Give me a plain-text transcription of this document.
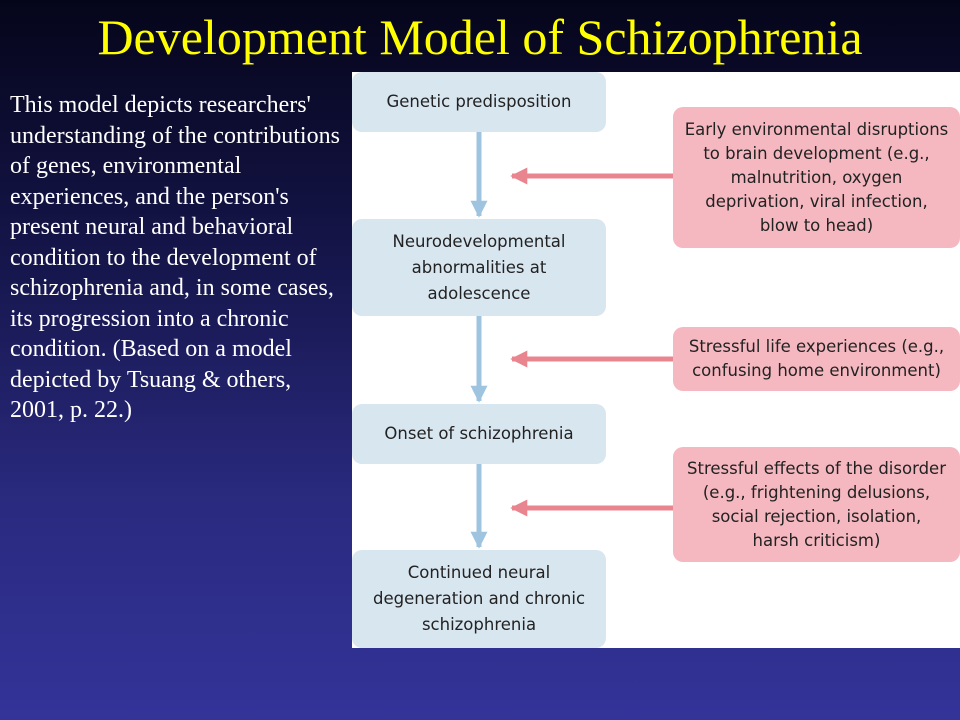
Development Model of Schizophrenia
This model depicts researchers' understanding of the contributions of genes, environmental experiences, and the person's present neural and behavioral condition to the development of schizophrenia and, in some cases, its progression into a chronic condition. (Based on a model depicted by Tsuang & others, 2001, p. 22.)
Genetic predisposition
Neurodevelopmental
abnormalities at
adolescence
Onset of schizophrenia
Continued neural
degeneration and chronic
schizophrenia
Early environmental disruptions
to brain development (e.g.,
malnutrition, oxygen
deprivation, viral infection,
blow to head)
Stressful life experiences (e.g.,
confusing home environment)
Stressful effects of the disorder
(e.g., frightening delusions,
social rejection, isolation,
harsh criticism)
